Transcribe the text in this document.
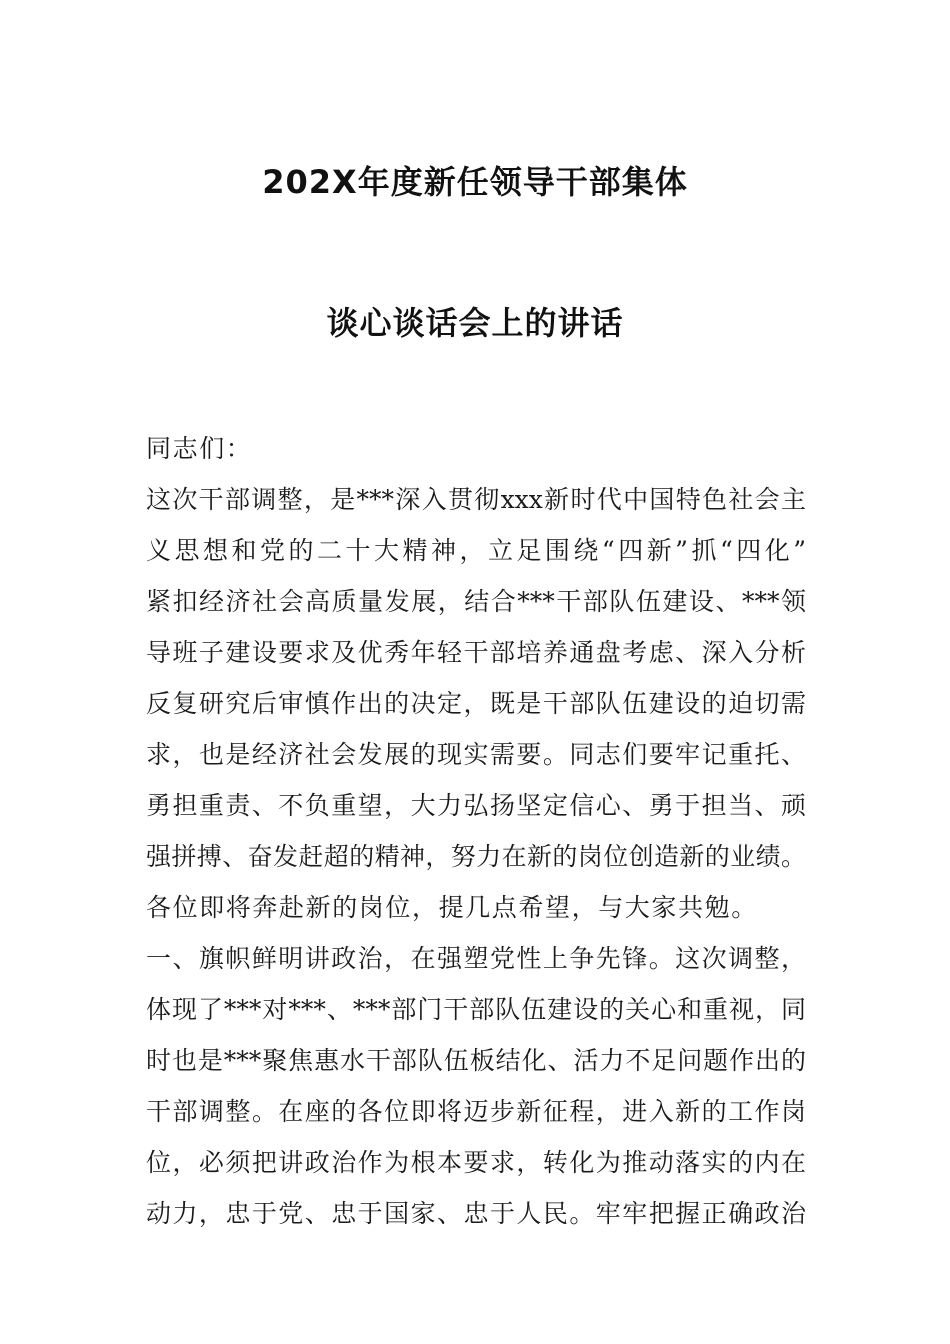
202X年度新任领导干部集体
谈心谈话会上的讲话
同志们：
这次干部调整，是***深入贯彻xxx新时代中国特色社会主
义思想和党的二十大精神，立足围绕“四新”抓“四化”
紧扣经济社会高质量发展，结合***干部队伍建设、***领
导班子建设要求及优秀年轻干部培养通盘考虑、深入分析
反复研究后审慎作出的决定，既是干部队伍建设的迫切需
求，也是经济社会发展的现实需要。同志们要牢记重托、
勇担重责、不负重望，大力弘扬坚定信心、勇于担当、顽
强拼搏、奋发赶超的精神，努力在新的岗位创造新的业绩。
各位即将奔赴新的岗位，提几点希望，与大家共勉。
一、旗帜鲜明讲政治，在强塑党性上争先锋。这次调整，
体现了***对***、***部门干部队伍建设的关心和重视，同
时也是***聚焦惠水干部队伍板结化、活力不足问题作出的
干部调整。在座的各位即将迈步新征程，进入新的工作岗
位，必须把讲政治作为根本要求，转化为推动落实的内在
动力，忠于党、忠于国家、忠于人民。牢牢把握正确政治
